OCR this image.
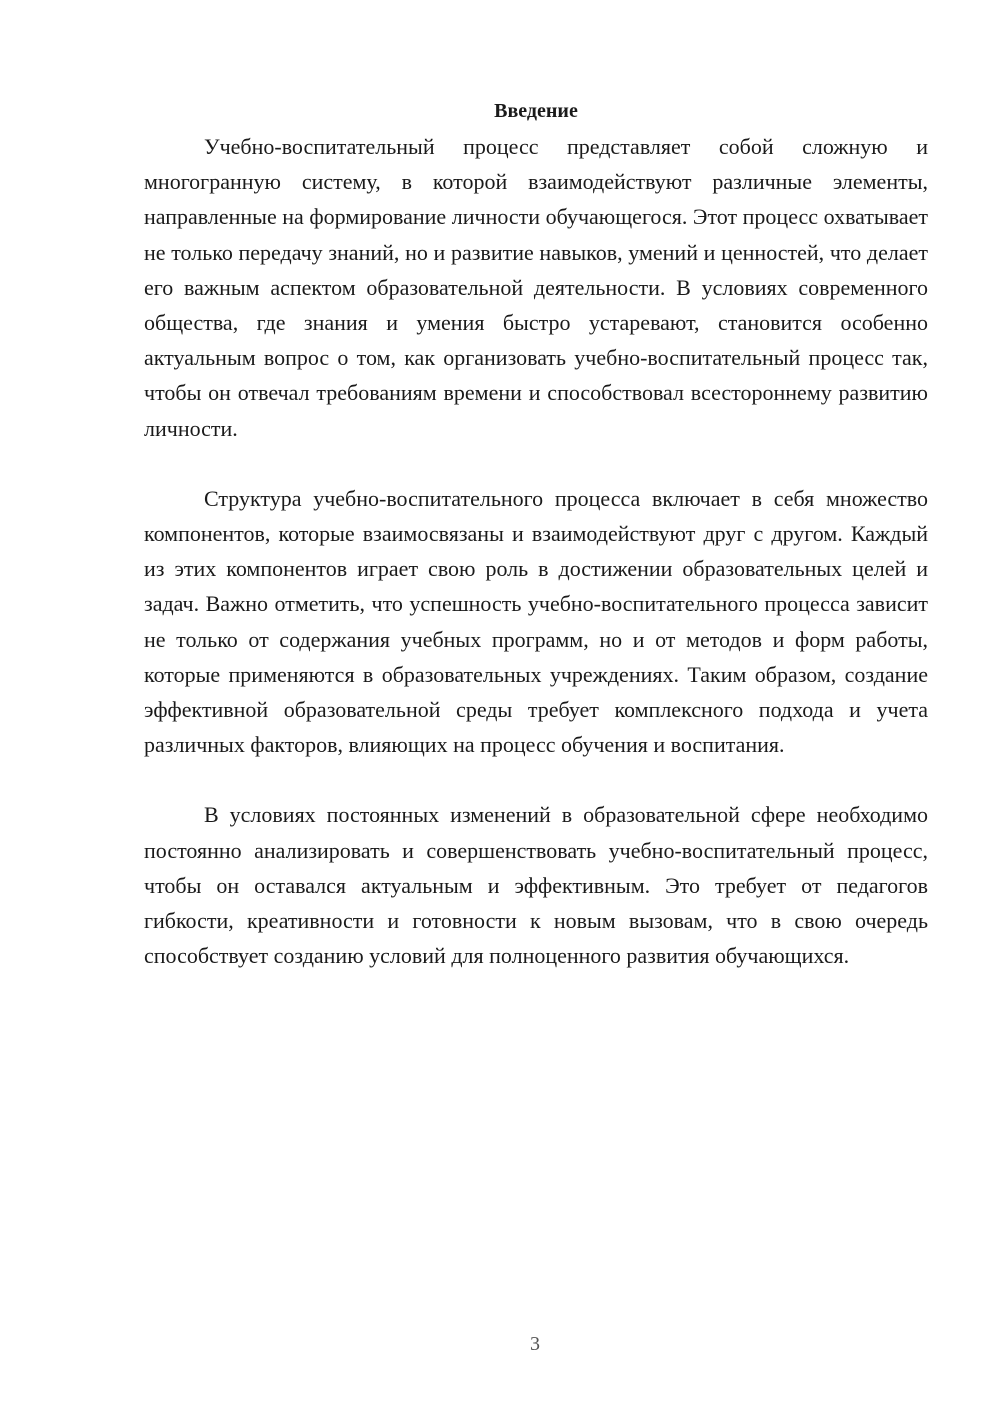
Введение

Учебно-воспитательный процесс представляет собой сложную и многогранную систему, в которой взаимодействуют различные элементы, направленные на формирование личности обучающегося. Этот процесс охватывает не только передачу знаний, но и развитие навыков, умений и ценностей, что делает его важным аспектом образовательной деятельности. В условиях современного общества, где знания и умения быстро устаревают, становится особенно актуальным вопрос о том, как организовать учебно-воспитательный процесс так, чтобы он отвечал требованиям времени и способствовал всестороннему развитию личности.

Структура учебно-воспитательного процесса включает в себя множество компонентов, которые взаимосвязаны и взаимодействуют друг с другом. Каждый из этих компонентов играет свою роль в достижении образовательных целей и задач. Важно отметить, что успешность учебно-воспитательного процесса зависит не только от содержания учебных программ, но и от методов и форм работы, которые применяются в образовательных учреждениях. Таким образом, создание эффективной образовательной среды требует комплексного подхода и учета различных факторов, влияющих на процесс обучения и воспитания.

В условиях постоянных изменений в образовательной сфере необходимо постоянно анализировать и совершенствовать учебно-воспитательный процесс, чтобы он оставался актуальным и эффективным. Это требует от педагогов гибкости, креативности и готовности к новым вызовам, что в свою очередь способствует созданию условий для полноценного развития обучающихся.

3
